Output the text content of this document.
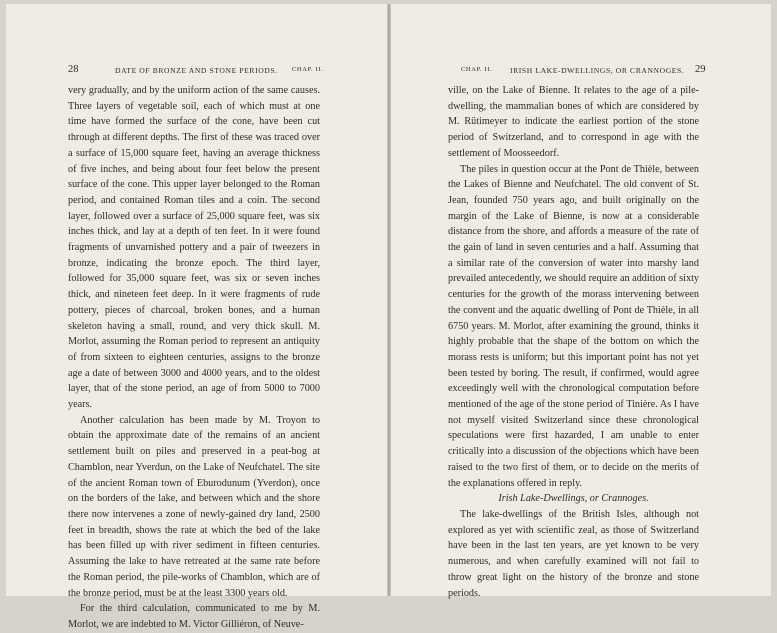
28	DATE OF BRONZE AND STONE PERIODS. CHAP. II.

very gradually, and by the uniform action of the same causes. Three layers of vegetable soil, each of which must at one time have formed the surface of the cone, have been cut through at different depths. The first of these was traced over a surface of 15,000 square feet, having an average thickness of five inches, and being about four feet below the present surface of the cone. This upper layer belonged to the Roman period, and contained Roman tiles and a coin. The second layer, followed over a surface of 25,000 square feet, was six inches thick, and lay at a depth of ten feet. In it were found fragments of unvarnished pottery and a pair of tweezers in bronze, indicating the bronze epoch. The third layer, followed for 35,000 square feet, was six or seven inches thick, and nineteen feet deep. In it were fragments of rude pottery, pieces of charcoal, broken bones, and a human skeleton having a small, round, and very thick skull. M. Morlot, assuming the Roman period to represent an antiquity of from sixteen to eighteen centuries, assigns to the bronze age a date of between 3000 and 4000 years, and to the oldest layer, that of the stone period, an age of from 5000 to 7000 years.

Another calculation has been made by M. Troyon to obtain the approximate date of the remains of an ancient settlement built on piles and preserved in a peat-bog at Chamblon, near Yverdun, on the Lake of Neufchatel. The site of the ancient Roman town of Eburodunum (Yverdon), once on the borders of the lake, and between which and the shore there now intervenes a zone of newly-gained dry land, 2500 feet in breadth, shows the rate at which the bed of the lake has been filled up with river sediment in fifteen centuries. Assuming the lake to have retreated at the same rate before the Roman period, the pile-works of Chamblon, which are of the bronze period, must be at the least 3300 years old.

For the third calculation, communicated to me by M. Morlot, we are indebted to M. Victor Gilliéron, of Neuve-

CHAP. II. IRISH LAKE-DWELLINGS, OR CRANNOGES. 29

ville, on the Lake of Bienne. It relates to the age of a pile-dwelling, the mammalian bones of which are considered by M. Rütimeyer to indicate the earliest portion of the stone period of Switzerland, and to correspond in age with the settlement of Moosseedorf.

The piles in question occur at the Pont de Thièle, between the Lakes of Bienne and Neufchatel. The old convent of St. Jean, founded 750 years ago, and built originally on the margin of the Lake of Bienne, is now at a considerable distance from the shore, and affords a measure of the rate of the gain of land in seven centuries and a half. Assuming that a similar rate of the conversion of water into marshy land prevailed antecedently, we should require an addition of sixty centuries for the growth of the morass intervening between the convent and the aquatic dwelling of Pont de Thièle, in all 6750 years. M. Morlot, after examining the ground, thinks it highly probable that the shape of the bottom on which the morass rests is uniform; but this important point has not yet been tested by boring. The result, if confirmed, would agree exceedingly well with the chronological computation before mentioned of the age of the stone period of Tinière. As I have not myself visited Switzerland since these chronological speculations were first hazarded, I am unable to enter critically into a discussion of the objections which have been raised to the two first of them, or to decide on the merits of the explanations offered in reply.

Irish Lake-Dwellings, or Crannoges.

The lake-dwellings of the British Isles, although not explored as yet with scientific zeal, as those of Switzerland have been in the last ten years, are yet known to be very numerous, and when carefully examined will not fail to throw great light on the history of the bronze and stone periods.
